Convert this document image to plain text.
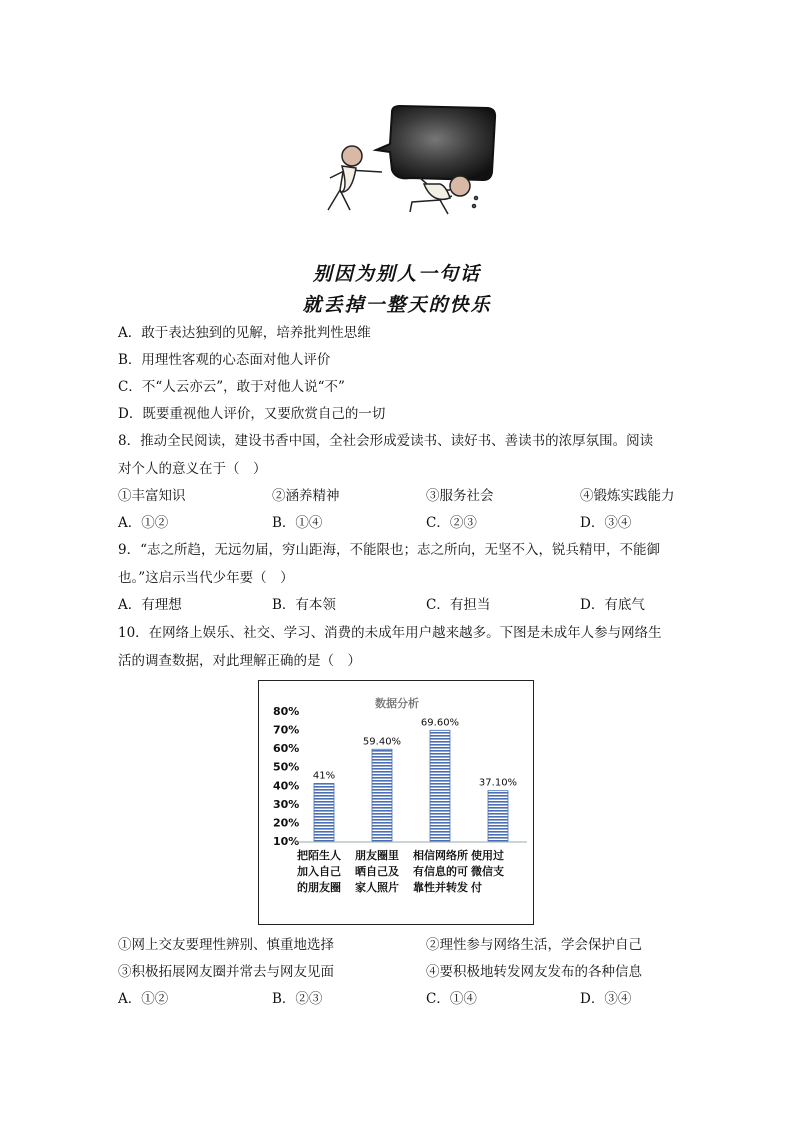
别因为别人一句话
就丢掉一整天的快乐
A．敢于表达独到的见解，培养批判性思维
B．用理性客观的心态面对他人评价
C．不“人云亦云”，敢于对他人说“不”
D．既要重视他人评价，又要欣赏自己的一切
8．推动全民阅读，建设书香中国，全社会形成爱读书、读好书、善读书的浓厚氛围。阅读
对个人的意义在于（　）
①丰富知识	②涵养精神	③服务社会	④锻炼实践能力
A．①②	B．①④	C．②③	D．③④
9．“志之所趋，无远勿届，穷山距海，不能限也；志之所向，无坚不入，锐兵精甲，不能御
也。”这启示当代少年要（　）
A．有理想	B．有本领	C．有担当	D．有底气
10．在网络上娱乐、社交、学习、消费的未成年用户越来越多。下图是未成年人参与网络生
活的调查数据，对此理解正确的是（　）
数据分析
80%
70%
60%
50%
40%
30%
20%
10%
41%
59.40%
69.60%
37.10%
把陌生人
加入自己
的朋友圈
朋友圈里
晒自己及
家人照片
相信网络所
有信息的可
靠性并转发
使用过
微信支
付
①网上交友要理性辨别、慎重地选择	②理性参与网络生活，学会保护自己
③积极拓展网友圈并常去与网友见面	④要积极地转发网友发布的各种信息
A．①②	B．②③	C．①④	D．③④
